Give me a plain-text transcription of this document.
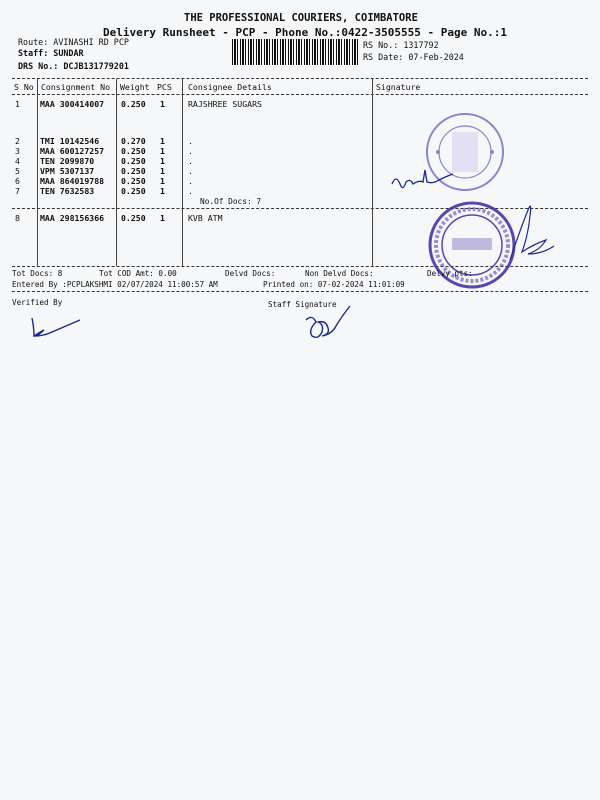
THE PROFESSIONAL COURIERS, COIMBATORE
Delivery Runsheet - PCP - Phone No.:0422-3505555 - Page No.:1
Route: AVINASHI RD PCP
Staff: SUNDAR
DRS No.: DCJB131779201
RS No.: 1317792
RS Date: 07-Feb-2024
S No Consignment No Weight PCS Consignee Details	Signature
1 MAA 300414007 0.250 1	RAJSHREE SUGARS
2 TMI 10142546	0.270 1	.
3 MAA 600127257 0.250 1	.
4 TEN 2099870	0.250 1	.
5 VPM 5307137	0.250 1	.
6 MAA 864019788 0.250 1	.
7 TEN 7632583	0.250 1	.
No.Of Docs: 7
8 MAA 298156366 0.250 1	KVB ATM
Tot Docs: 8	Tot COD Amt: 0.00	Delvd Docs:	Non Delvd Docs:	Delvy pts:
Entered By :PCPLAKSHMI 02/07/2024 11:00:57 AM	Printed on: 07-02-2024 11:01:09
Verified By	Staff Signature
